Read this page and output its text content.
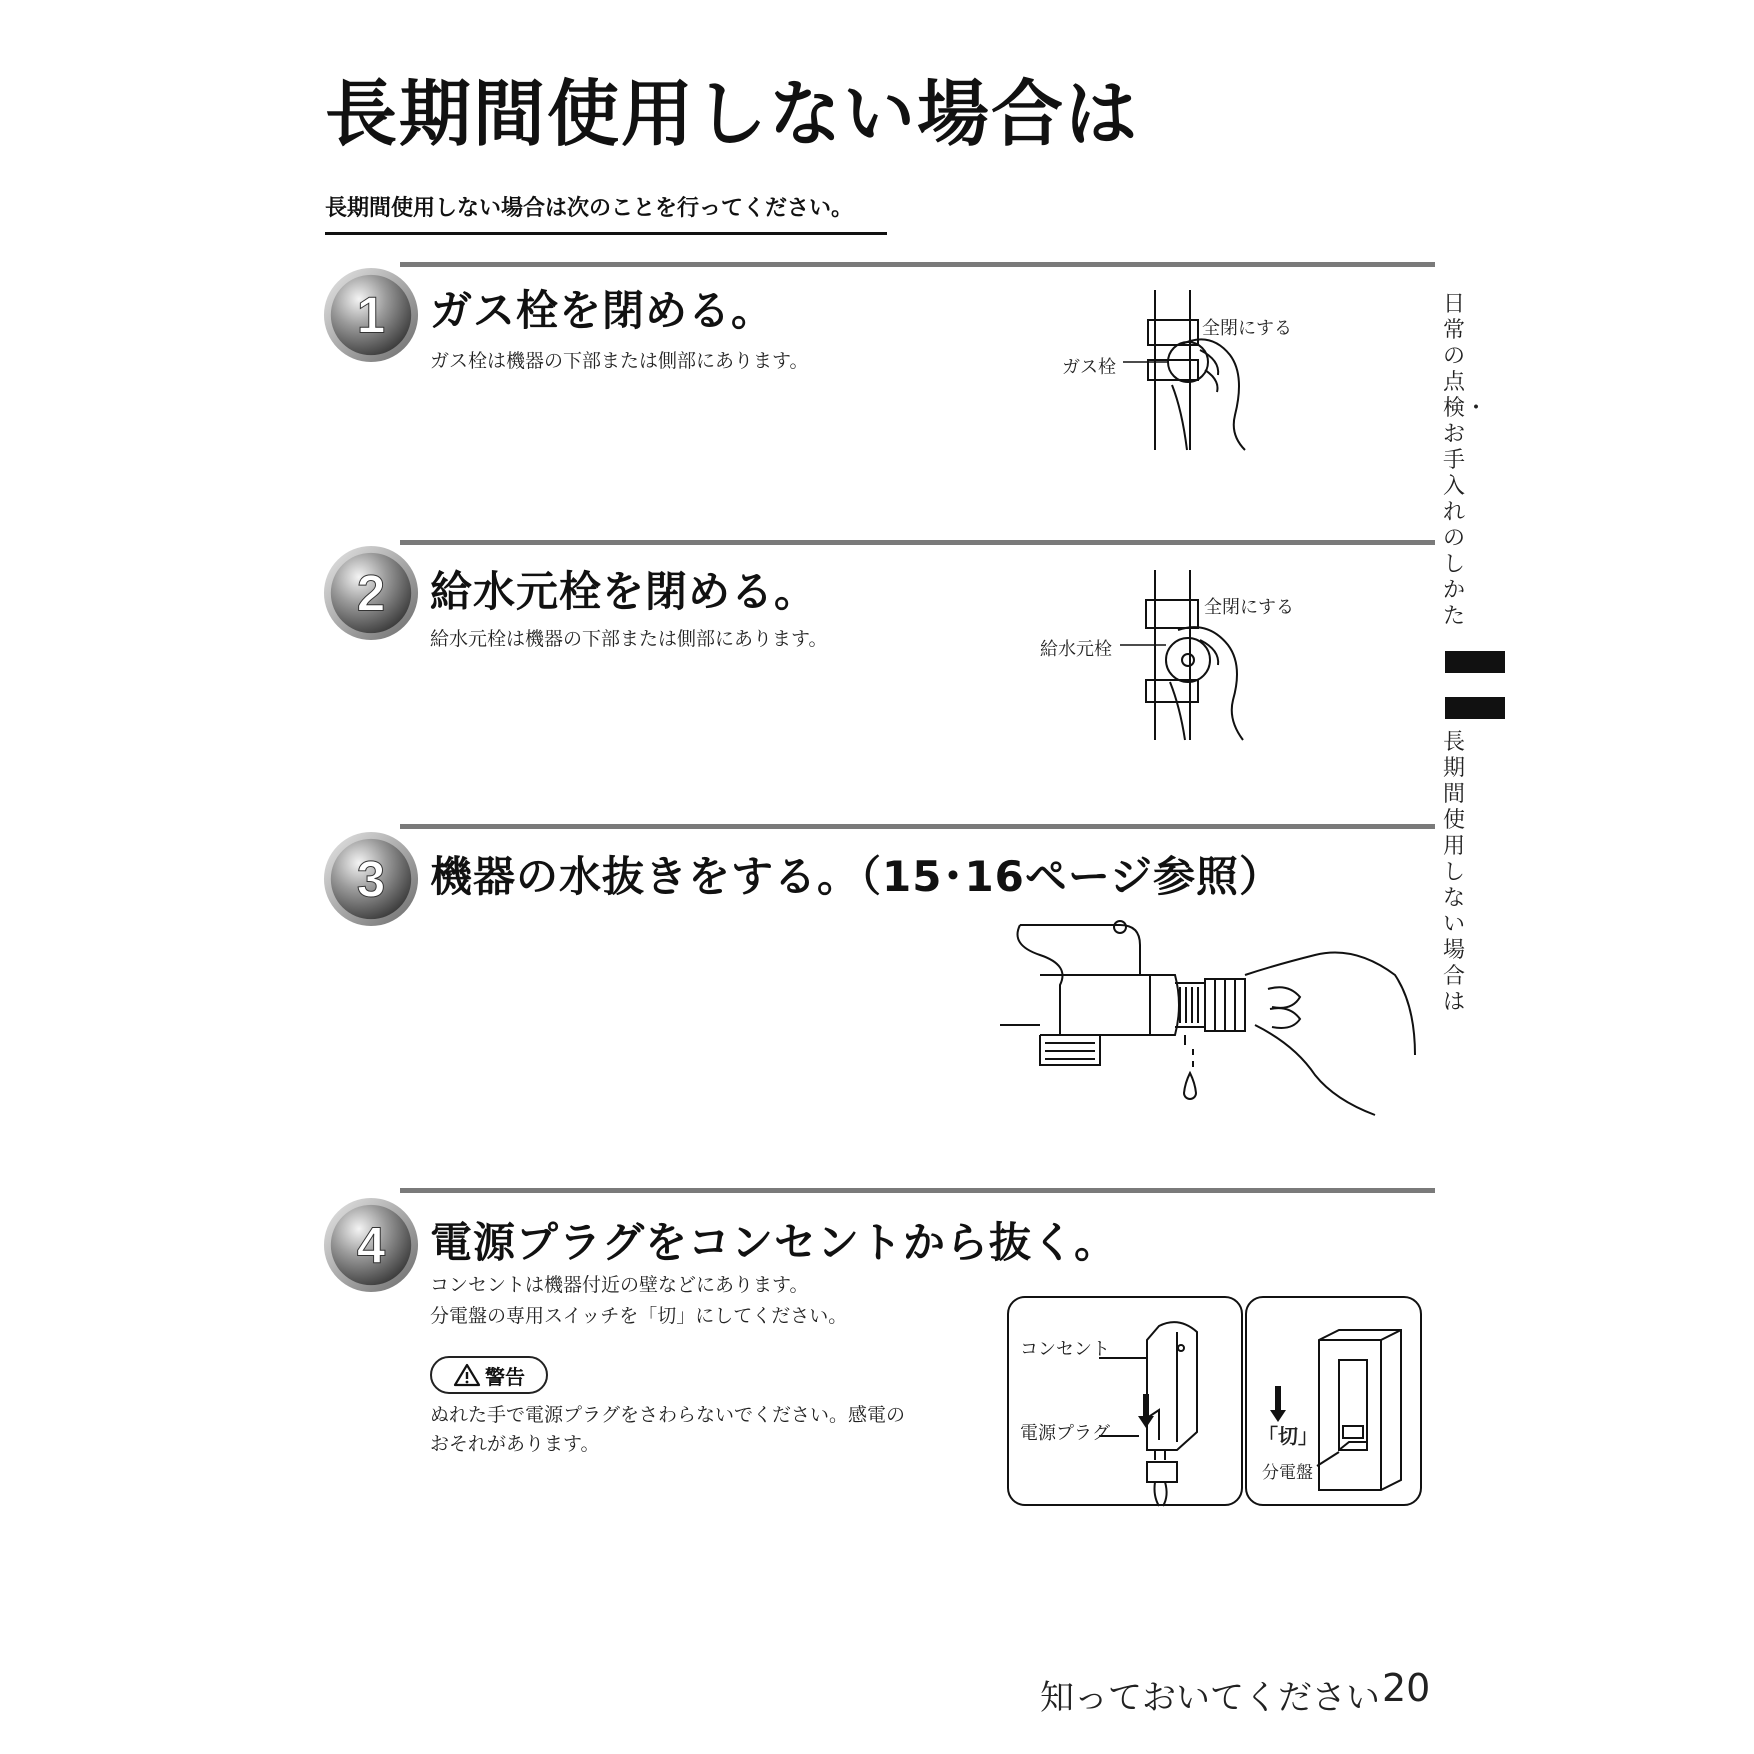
長期間使用しない場合は
長期間使用しない場合は次のことを行ってください。
1 ガス栓を閉める。
ガス栓は機器の下部または側部にあります。
全閉にする
ガス栓
2 給水元栓を閉める。
給水元栓は機器の下部または側部にあります。
全閉にする
給水元栓
3 機器の水抜きをする。（15･16ページ参照）
4 電源プラグをコンセントから抜く。
コンセントは機器付近の壁などにあります。
分電盤の専用スイッチを「切」にしてください。
警告
ぬれた手で電源プラグをさわらないでください。感電の
おそれがあります。
コンセント
電源プラグ	「切」
分電盤
日常の点検・お手入れのしかた
長期間使用しない場合は
知っておいてください 20
